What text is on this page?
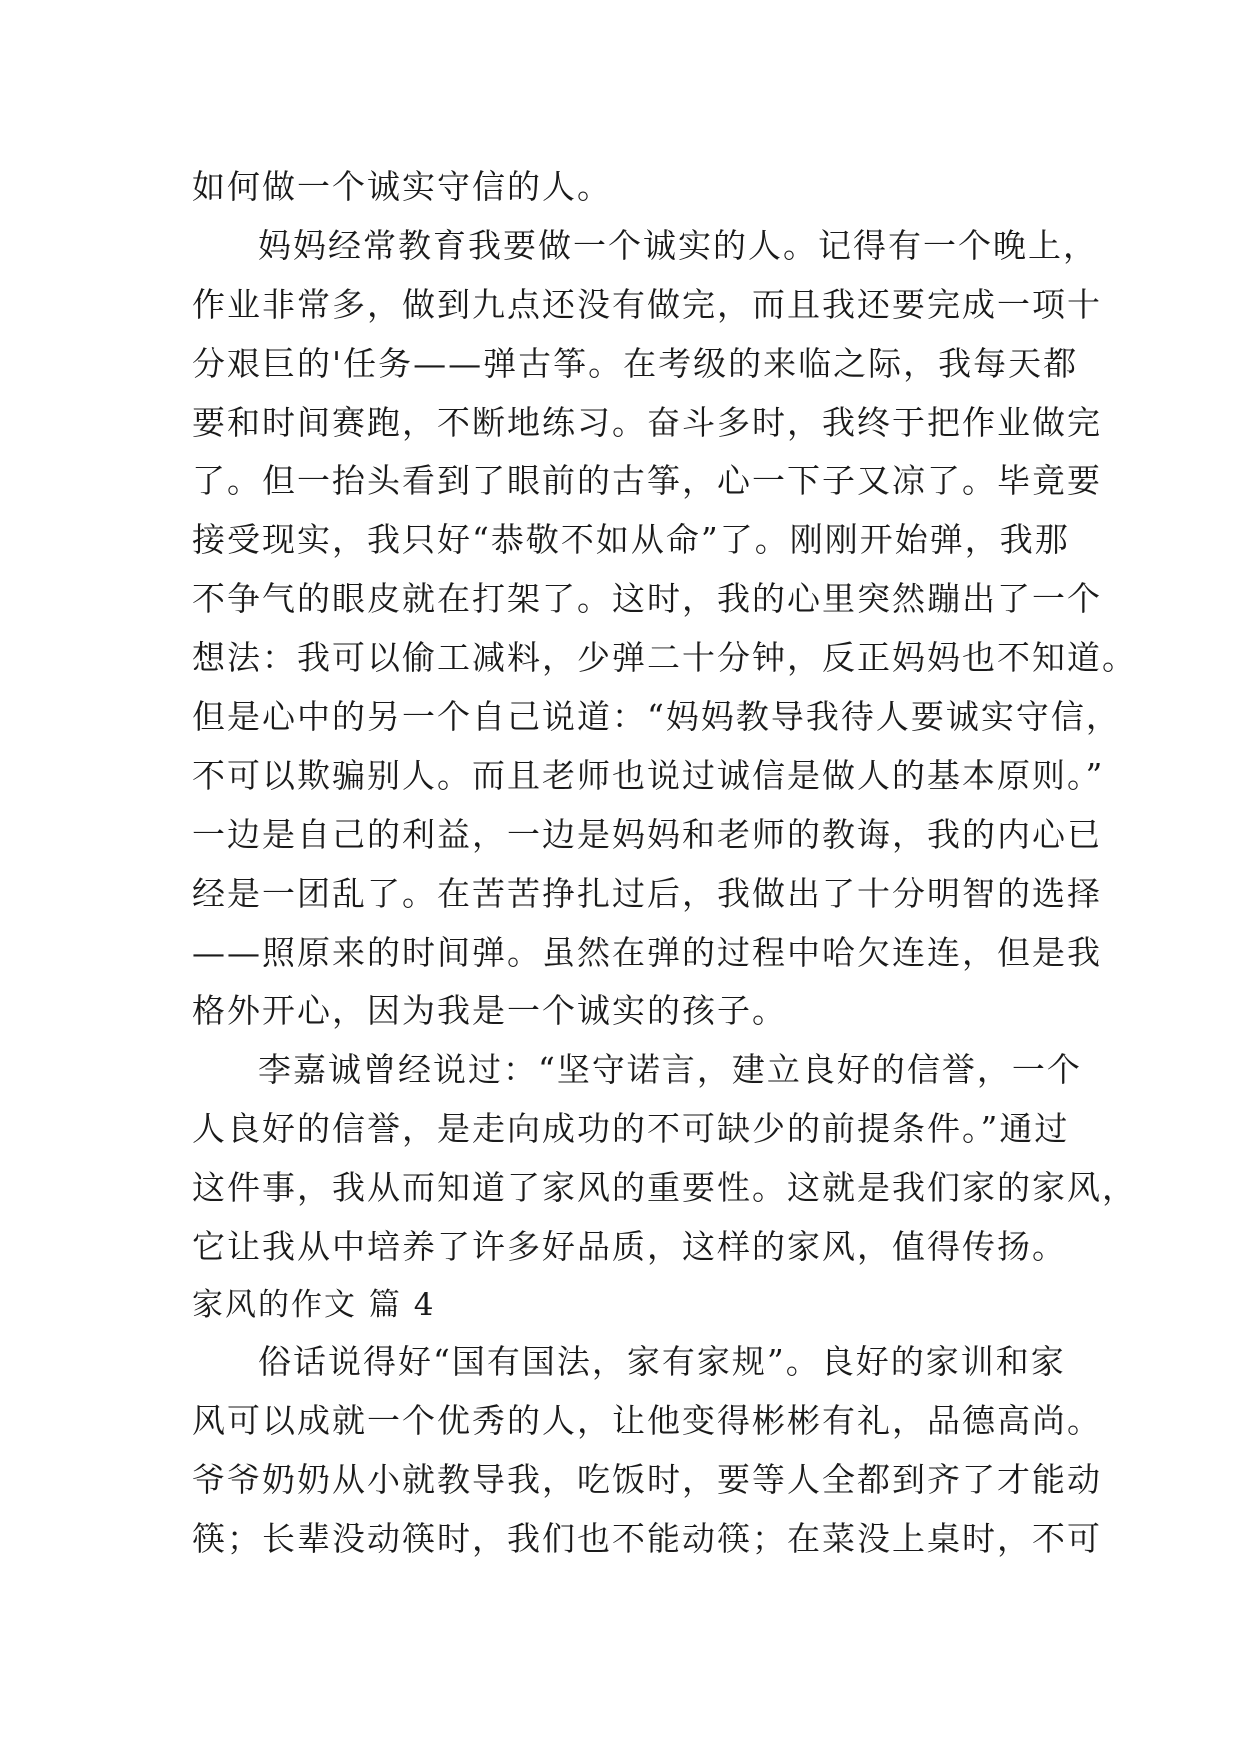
如何做一个诚实守信的人。
妈妈经常教育我要做一个诚实的人。记得有一个晚上，
作业非常多，做到九点还没有做完，而且我还要完成一项十
分艰巨的'任务——弹古筝。在考级的来临之际，我每天都
要和时间赛跑，不断地练习。奋斗多时，我终于把作业做完
了。但一抬头看到了眼前的古筝，心一下子又凉了。毕竟要
接受现实，我只好“恭敬不如从命”了。刚刚开始弹，我那
不争气的眼皮就在打架了。这时，我的心里突然蹦出了一个
想法：我可以偷工减料，少弹二十分钟，反正妈妈也不知道。
但是心中的另一个自己说道：“妈妈教导我待人要诚实守信，
不可以欺骗别人。而且老师也说过诚信是做人的基本原则。”
一边是自己的利益，一边是妈妈和老师的教诲，我的内心已
经是一团乱了。在苦苦挣扎过后，我做出了十分明智的选择
——照原来的时间弹。虽然在弹的过程中哈欠连连，但是我
格外开心，因为我是一个诚实的孩子。
李嘉诚曾经说过：“坚守诺言，建立良好的信誉，一个
人良好的信誉，是走向成功的不可缺少的前提条件。”通过
这件事，我从而知道了家风的重要性。这就是我们家的家风，
它让我从中培养了许多好品质，这样的家风，值得传扬。
家风的作文 篇 4
俗话说得好“国有国法，家有家规”。良好的家训和家
风可以成就一个优秀的人，让他变得彬彬有礼，品德高尚。
爷爷奶奶从小就教导我，吃饭时，要等人全都到齐了才能动
筷；长辈没动筷时，我们也不能动筷；在菜没上桌时，不可
